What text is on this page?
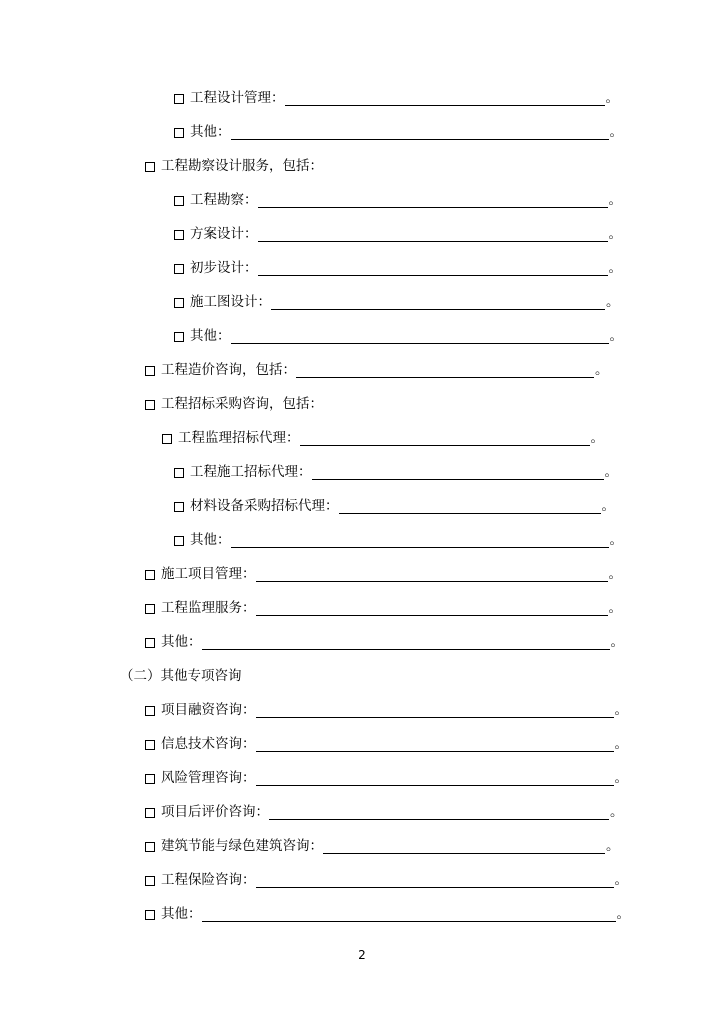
工程设计管理：	。
其他：	。
工程勘察设计服务，包括：
工程勘察：	。
方案设计：	。
初步设计：	。
施工图设计：	。
其他：	。
工程造价咨询，包括：	。
工程招标采购咨询，包括：
工程监理招标代理：	。
工程施工招标代理：	。
材料设备采购招标代理：	。
其他：	。
施工项目管理：	。
工程监理服务：	。
其他：	。
（二）其他专项咨询
项目融资咨询：	。
信息技术咨询：	。
风险管理咨询：	。
项目后评价咨询：	。
建筑节能与绿色建筑咨询：	。
工程保险咨询：	。
其他：	。
2
